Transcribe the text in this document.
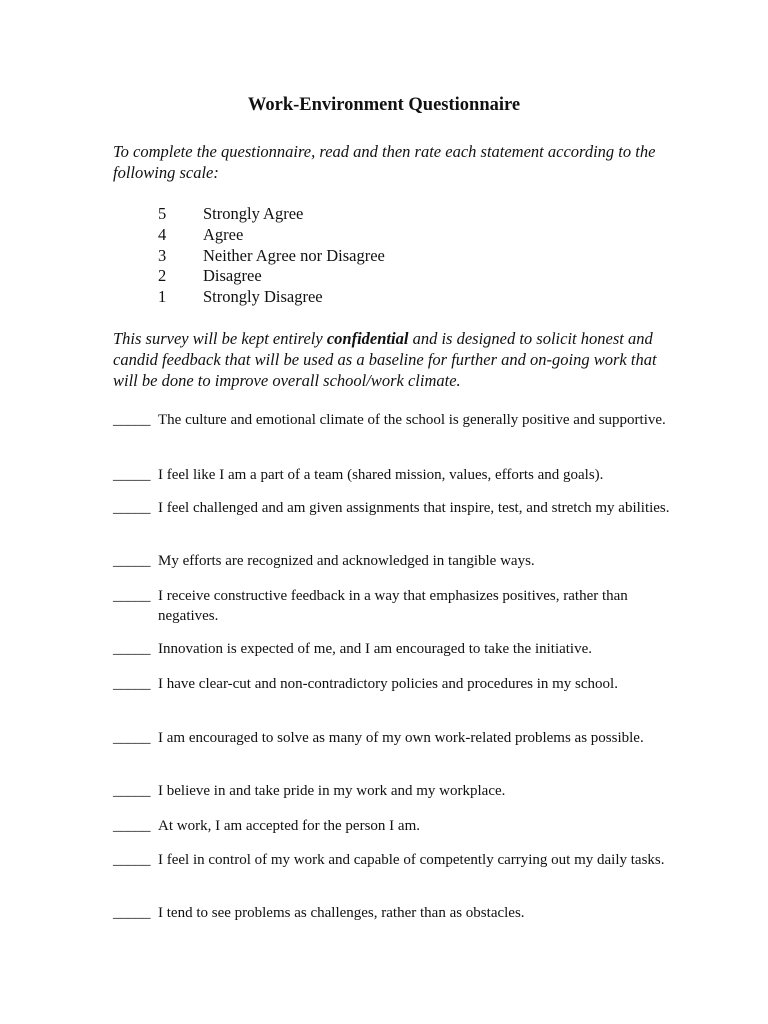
Work-Environment Questionnaire
To complete the questionnaire, read and then rate each statement according to the following scale:
5	Strongly Agree
4	Agree
3	Neither Agree nor Disagree
2	Disagree
1	Strongly Disagree
This survey will be kept entirely confidential and is designed to solicit honest and candid feedback that will be used as a baseline for further and on-going work that will be done to improve overall school/work climate.
_____ The culture and emotional climate of the school is generally positive and supportive.
_____ I feel like I am a part of a team (shared mission, values, efforts and goals).
_____ I feel challenged and am given assignments that inspire, test, and stretch my abilities.
_____ My efforts are recognized and acknowledged in tangible ways.
_____ I receive constructive feedback in a way that emphasizes positives, rather than negatives.
_____ Innovation is expected of me, and I am encouraged to take the initiative.
_____ I have clear-cut and non-contradictory policies and procedures in my school.
_____ I am encouraged to solve as many of my own work-related problems as possible.
_____ I believe in and take pride in my work and my workplace.
_____ At work, I am accepted for the person I am.
_____ I feel in control of my work and capable of competently carrying out my daily tasks.
_____ I tend to see problems as challenges, rather than as obstacles.
